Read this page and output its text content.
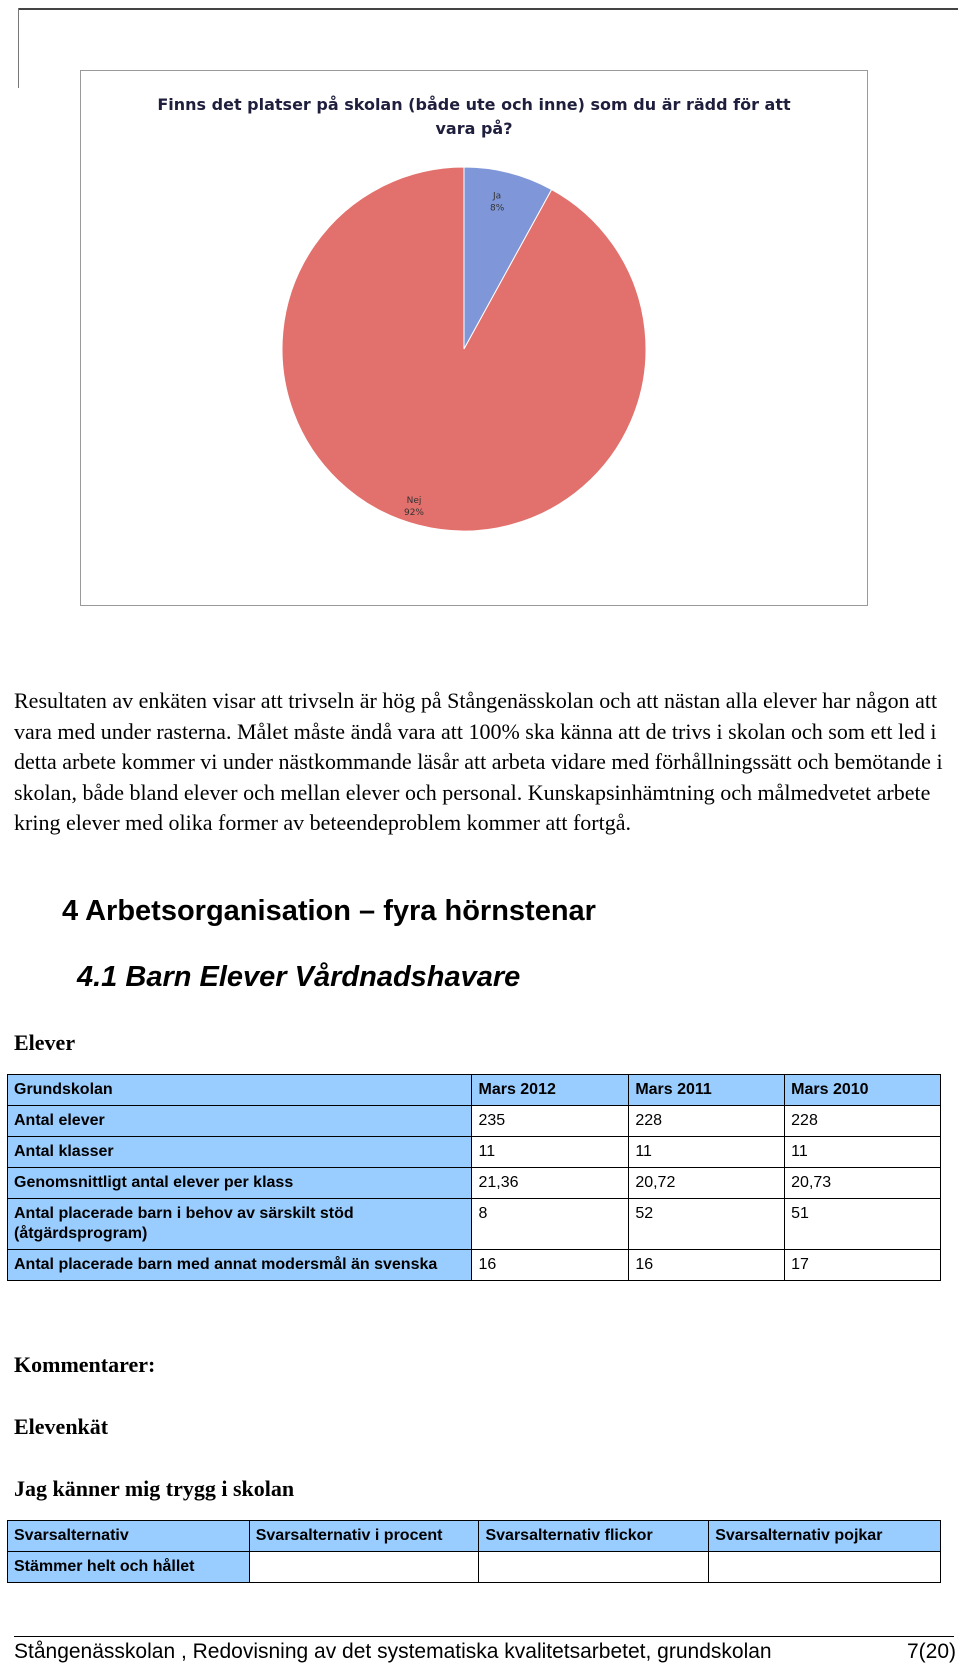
Finns det platser på skolan (både ute och inne) som du är rädd för att vara på?
Ja
8%
Nej
92%

Resultaten av enkäten visar att trivseln är hög på Stångenässkolan och att nästan alla elever har någon att vara med under rasterna. Målet måste ändå vara att 100% ska känna att de trivs i skolan och som ett led i detta arbete kommer vi under nästkommande läsår att arbeta vidare med förhållningssätt och bemötande i skolan, både bland elever och mellan elever och personal. Kunskapsinhämtning och målmedvetet arbete kring elever med olika former av beteendeproblem kommer att fortgå.

4 Arbetsorganisation – fyra hörnstenar
4.1 Barn Elever Vårdnadshavare

Elever

Grundskolan	Mars 2012	Mars 2011	Mars 2010
Antal elever	235	228	228
Antal klasser	11	11	11
Genomsnittligt antal elever per klass	21,36	20,72	20,73
Antal placerade barn i behov av särskilt stöd (åtgärdsprogram)	8	52	51
Antal placerade barn med annat modersmål än svenska	16	16	17

Kommentarer:

Elevenkät

Jag känner mig trygg i skolan

Svarsalternativ	Svarsalternativ i procent	Svarsalternativ flickor	Svarsalternativ pojkar
Stämmer helt och hållet			
Stångenässkolan , Redovisning av det systematiska kvalitetsarbetet, grundskolan	7(20)
